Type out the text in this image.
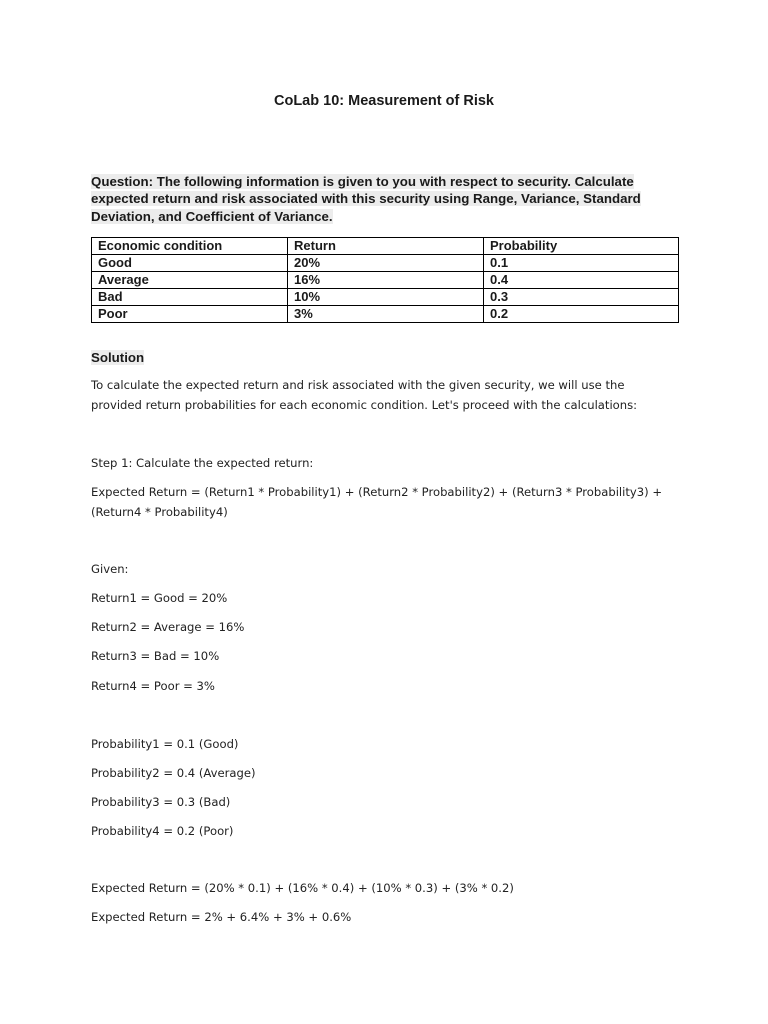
CoLab 10: Measurement of Risk
Question: The following information is given to you with respect to security. Calculate expected return and risk associated with this security using Range, Variance, Standard Deviation, and Coefficient of Variance.
Economic condition	Return	Probability
Good	20%	0.1
Average	16%	0.4
Bad	10%	0.3
Poor	3%	0.2
Solution
To calculate the expected return and risk associated with the given security, we will use the provided return probabilities for each economic condition. Let's proceed with the calculations:
Step 1: Calculate the expected return:
Expected Return = (Return1 * Probability1) + (Return2 * Probability2) + (Return3 * Probability3) + (Return4 * Probability4)
Given:
Return1 = Good = 20%
Return2 = Average = 16%
Return3 = Bad = 10%
Return4 = Poor = 3%
Probability1 = 0.1 (Good)
Probability2 = 0.4 (Average)
Probability3 = 0.3 (Bad)
Probability4 = 0.2 (Poor)
Expected Return = (20% * 0.1) + (16% * 0.4) + (10% * 0.3) + (3% * 0.2)
Expected Return = 2% + 6.4% + 3% + 0.6%
